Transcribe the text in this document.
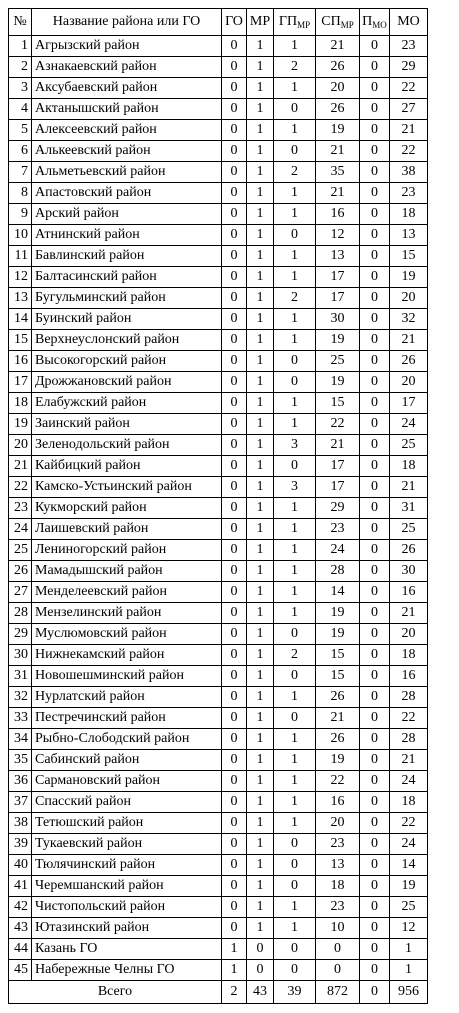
№	Название района или ГО	ГО	МР	$ГП_{МР}$	$СП_{МР}$	$П_{МО}$	МО
1	Агрызский район	0	1	1	21	0	23
2	Азнакаевский район	0	1	2	26	0	29
3	Аксубаевский район	0	1	1	20	0	22
4	Актанышский район	0	1	0	26	0	27
5	Алексеевский район	0	1	1	19	0	21
6	Алькеевский район	0	1	0	21	0	22
7	Альметьевский район	0	1	2	35	0	38
8	Апастовский район	0	1	1	21	0	23
9	Арский район	0	1	1	16	0	18
10	Атнинский район	0	1	0	12	0	13
11	Бавлинский район	0	1	1	13	0	15
12	Балтасинский район	0	1	1	17	0	19
13	Бугульминский район	0	1	2	17	0	20
14	Буинский район	0	1	1	30	0	32
15	Верхнеуслонский район	0	1	1	19	0	21
16	Высокогорский район	0	1	0	25	0	26
17	Дрожжановский район	0	1	0	19	0	20
18	Елабужский район	0	1	1	15	0	17
19	Заинский район	0	1	1	22	0	24
20	Зеленодольский район	0	1	3	21	0	25
21	Кайбицкий район	0	1	0	17	0	18
22	Камско-Устьинский район	0	1	3	17	0	21
23	Кукморский район	0	1	1	29	0	31
24	Лаишевский район	0	1	1	23	0	25
25	Лениногорский район	0	1	1	24	0	26
26	Мамадышский район	0	1	1	28	0	30
27	Менделеевский район	0	1	1	14	0	16
28	Мензелинский район	0	1	1	19	0	21
29	Муслюмовский район	0	1	0	19	0	20
30	Нижнекамский район	0	1	2	15	0	18
31	Новошешминский район	0	1	0	15	0	16
32	Нурлатский район	0	1	1	26	0	28
33	Пестречинский район	0	1	0	21	0	22
34	Рыбно-Слободский район	0	1	1	26	0	28
35	Сабинский район	0	1	1	19	0	21
36	Сармановский район	0	1	1	22	0	24
37	Спасский район	0	1	1	16	0	18
38	Тетюшский район	0	1	1	20	0	22
39	Тукаевский район	0	1	0	23	0	24
40	Тюлячинский район	0	1	0	13	0	14
41	Черемшанский район	0	1	0	18	0	19
42	Чистопольский район	0	1	1	23	0	25
43	Ютазинский район	0	1	1	10	0	12
44	Казань ГО	1	0	0	0	0	1
45	Набережные Челны ГО	1	0	0	0	0	1
Всего		2	43	39	872	0	956
